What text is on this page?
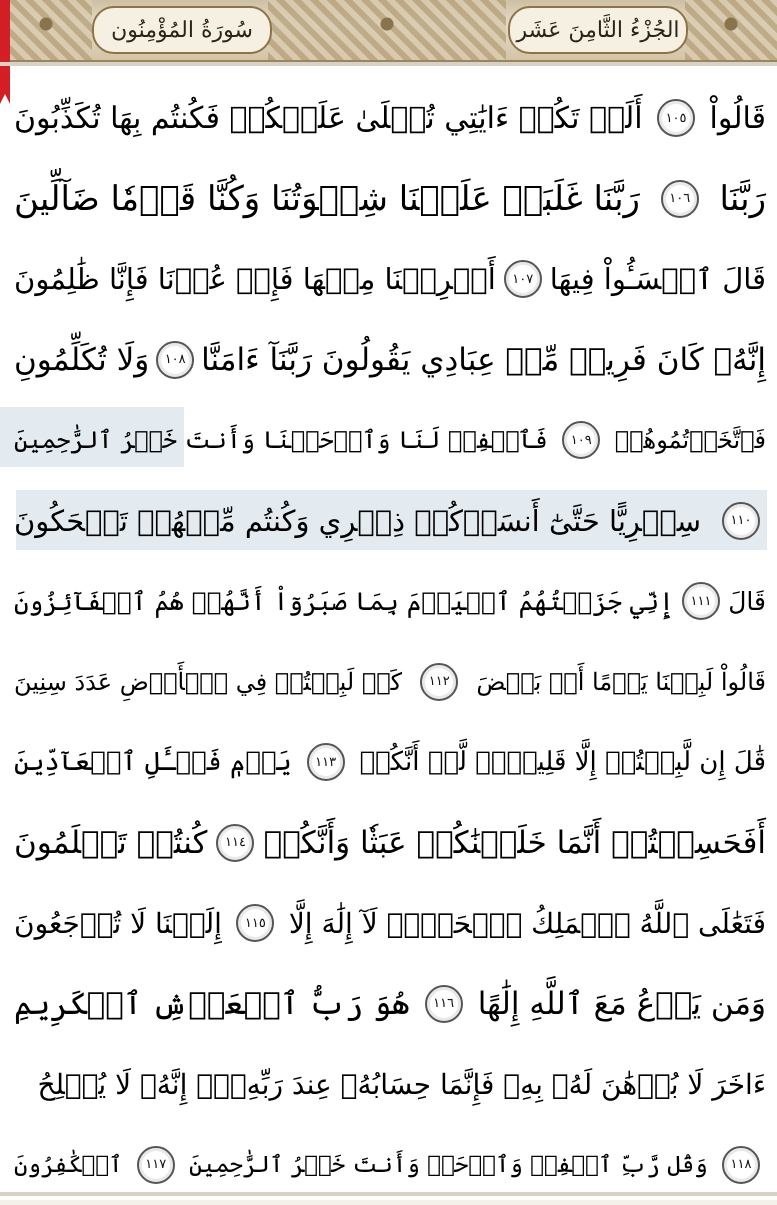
الجُزْءُ الثَّامِنَ عَشَر
سُورَةُ المُؤْمِنُون
قَالُواْ
١٠٥
أَلَمۡ تَكُنۡ ءَايَٰتِي تُتۡلَىٰ عَلَيۡكُمۡ فَكُنتُم بِهَا تُكَذِّبُونَ
رَبَّنَا
١٠٦
رَبَّنَا غَلَبَتۡ عَلَيۡنَا شِقۡوَتُنَا وَكُنَّا قَوۡمٗا ضَآلِّينَ
قَالَ ٱخۡسَـُٔواْ فِيهَا
١٠٧
أَخۡرِجۡنَا مِنۡهَا فَإِنۡ عُدۡنَا فَإِنَّا ظَٰلِمُونَ
إِنَّهُۥ كَانَ فَرِيقٞ مِّنۡ عِبَادِي يَقُولُونَ رَبَّنَآ ءَامَنَّا
١٠٨
وَلَا تُكَلِّمُونِ
فَٱتَّخَذۡتُمُوهُمۡ
١٠٩
فَٱغۡفِرۡ لَنَا وَٱرۡحَمۡنَا وَأَنتَ خَيۡرُ ٱلرَّٰحِمِينَ
١١٠
سِخۡرِيًّا حَتَّىٰٓ أَنسَوۡكُمۡ ذِكۡرِي وَكُنتُم مِّنۡهُمۡ تَضۡحَكُونَ
قَالَ
١١١
إِنِّي جَزَيۡتُهُمُ ٱلۡيَوۡمَ بِمَا صَبَرُوٓاْ أَنَّهُمۡ هُمُ ٱلۡفَآئِزُونَ
قَالُواْ لَبِثۡنَا يَوۡمًا أَوۡ بَعۡضَ
١١٢
كَمۡ لَبِثۡتُمۡ فِي ٱلۡأَرۡضِ عَدَدَ سِنِينَ
قَٰلَ إِن لَّبِثۡتُمۡ إِلَّا قَلِيلٗاۖ لَّوۡ أَنَّكُمۡ
١١٣
يَوۡمٖ فَسۡـَٔلِ ٱلۡعَآدِّينَ
أَفَحَسِبۡتُمۡ أَنَّمَا خَلَقۡنَٰكُمۡ عَبَثٗا وَأَنَّكُمۡ
١١٤
كُنتُمۡ تَعۡلَمُونَ
فَتَعَٰلَى ٱللَّهُ ٱلۡمَلِكُ ٱلۡحَقُّۖ لَآ إِلَٰهَ إِلَّا
١١٥
إِلَيۡنَا لَا تُرۡجَعُونَ
وَمَن يَدۡعُ مَعَ ٱللَّهِ إِلَٰهًا
١١٦
هُوَ رَبُّ ٱلۡعَرۡشِ ٱلۡكَرِيمِ
ءَاخَرَ لَا بُرۡهَٰنَ لَهُۥ بِهِۦ فَإِنَّمَا حِسَابُهُۥ عِندَ رَبِّهِۦٓۚ إِنَّهُۥ لَا يُفۡلِحُ
١١٨
وَقُل رَّبِّ ٱغۡفِرۡ وَٱرۡحَمۡ وَأَنتَ خَيۡرُ ٱلرَّٰحِمِينَ
١١٧
ٱلۡكَٰفِرُونَ
